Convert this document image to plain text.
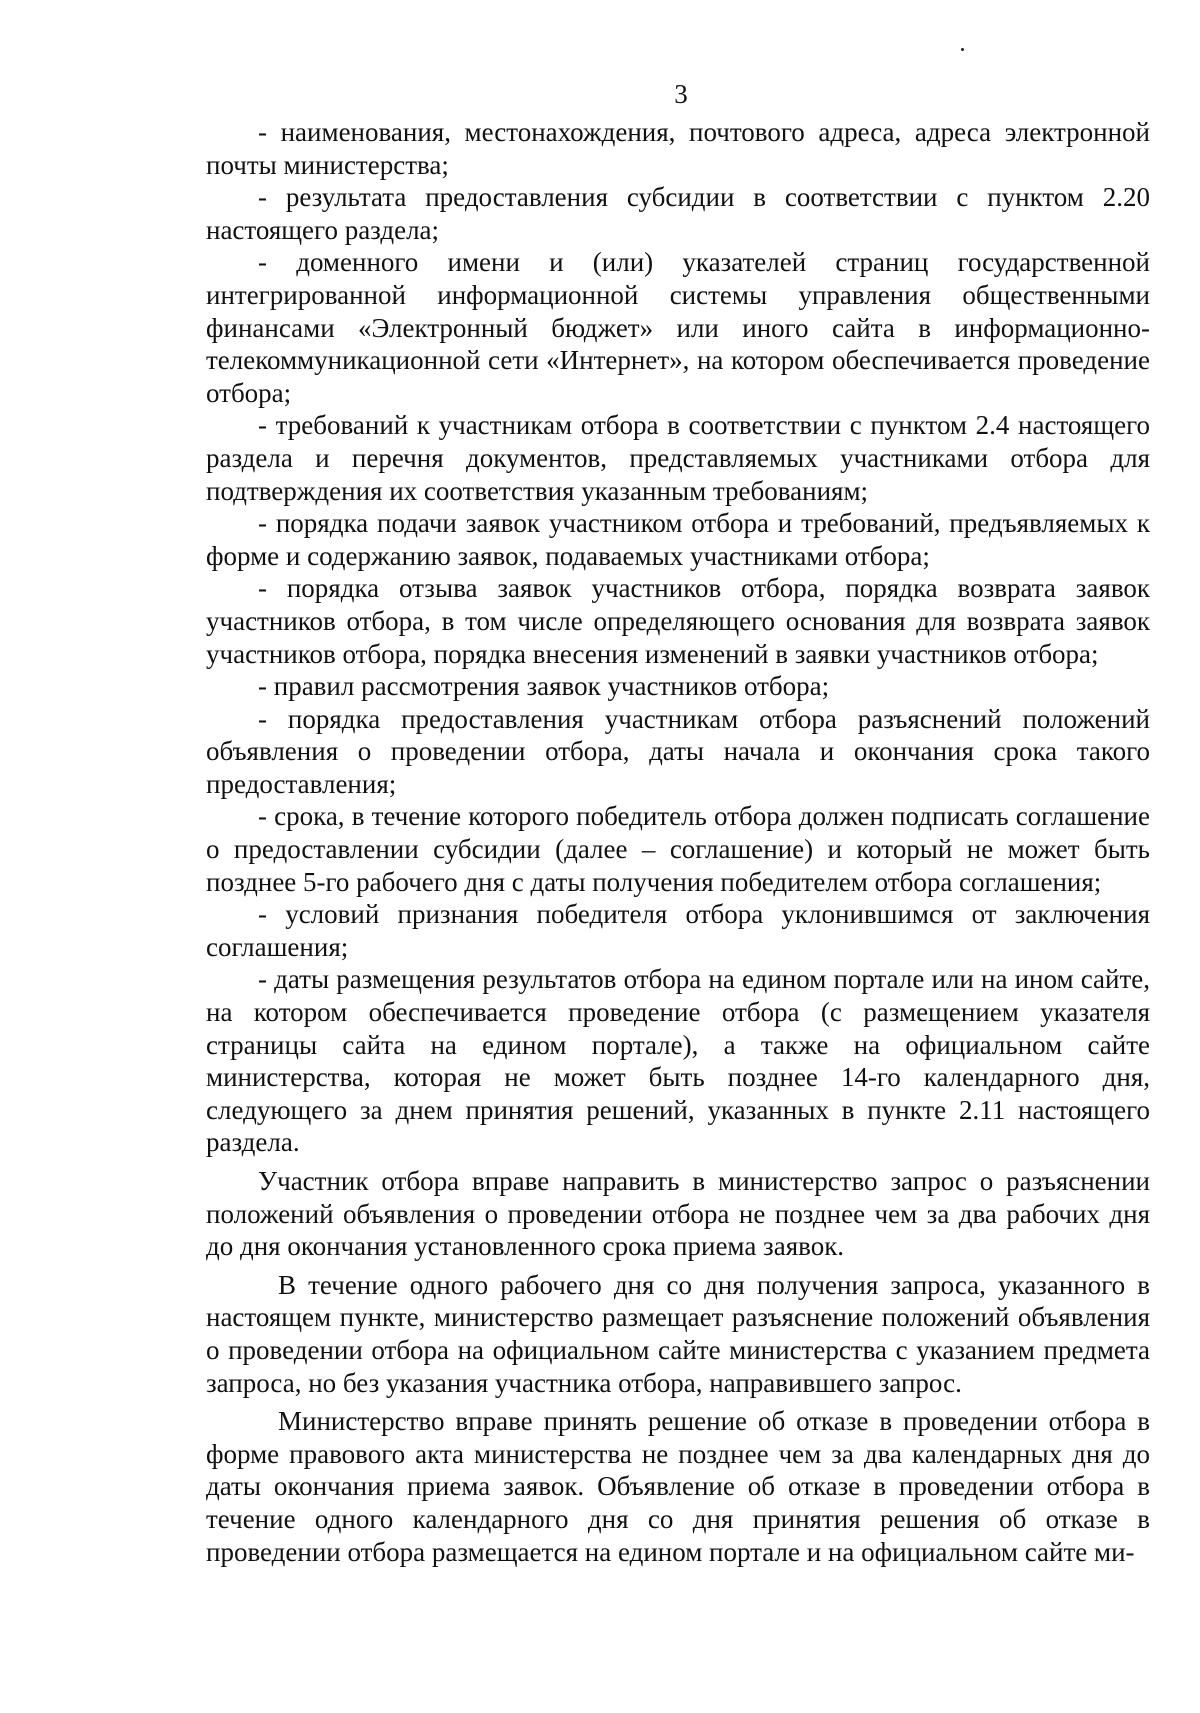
3

- наименования, местонахождения, почтового адреса, адреса электронной почты министерства;

- результата предоставления субсидии в соответствии с пунктом 2.20 настоящего раздела;

- доменного имени и (или) указателей страниц государственной интегрированной информационной системы управления общественными финансами «Электронный бюджет» или иного сайта в информационно-телекоммуникационной сети «Интернет», на котором обеспечивается проведение отбора;

- требований к участникам отбора в соответствии с пунктом 2.4 настоящего раздела и перечня документов, представляемых участниками отбора для подтверждения их соответствия указанным требованиям;

- порядка подачи заявок участником отбора и требований, предъявляемых к форме и содержанию заявок, подаваемых участниками отбора;

- порядка отзыва заявок участников отбора, порядка возврата заявок участников отбора, в том числе определяющего основания для возврата заявок участников отбора, порядка внесения изменений в заявки участников отбора;

- правил рассмотрения заявок участников отбора;

- порядка предоставления участникам отбора разъяснений положений объявления о проведении отбора, даты начала и окончания срока такого предоставления;

- срока, в течение которого победитель отбора должен подписать соглашение о предоставлении субсидии (далее – соглашение) и который не может быть позднее 5-го рабочего дня с даты получения победителем отбора соглашения;

- условий признания победителя отбора уклонившимся от заключения соглашения;

- даты размещения результатов отбора на едином портале или на ином сайте, на котором обеспечивается проведение отбора (с размещением указателя страницы сайта на едином портале), а также на официальном сайте министерства, которая не может быть позднее 14-го календарного дня, следующего за днем принятия решений, указанных в пункте 2.11 настоящего раздела.

Участник отбора вправе направить в министерство запрос о разъяснении положений объявления о проведении отбора не позднее чем за два рабочих дня до дня окончания установленного срока приема заявок.

В течение одного рабочего дня со дня получения запроса, указанного в настоящем пункте, министерство размещает разъяснение положений объявления о проведении отбора на официальном сайте министерства с указанием предмета запроса, но без указания участника отбора, направившего запрос.

Министерство вправе принять решение об отказе в проведении отбора в форме правового акта министерства не позднее чем за два календарных дня до даты окончания приема заявок. Объявление об отказе в проведении отбора в течение одного календарного дня со дня принятия решения об отказе в проведении отбора размещается на едином портале и на официальном сайте ми-
